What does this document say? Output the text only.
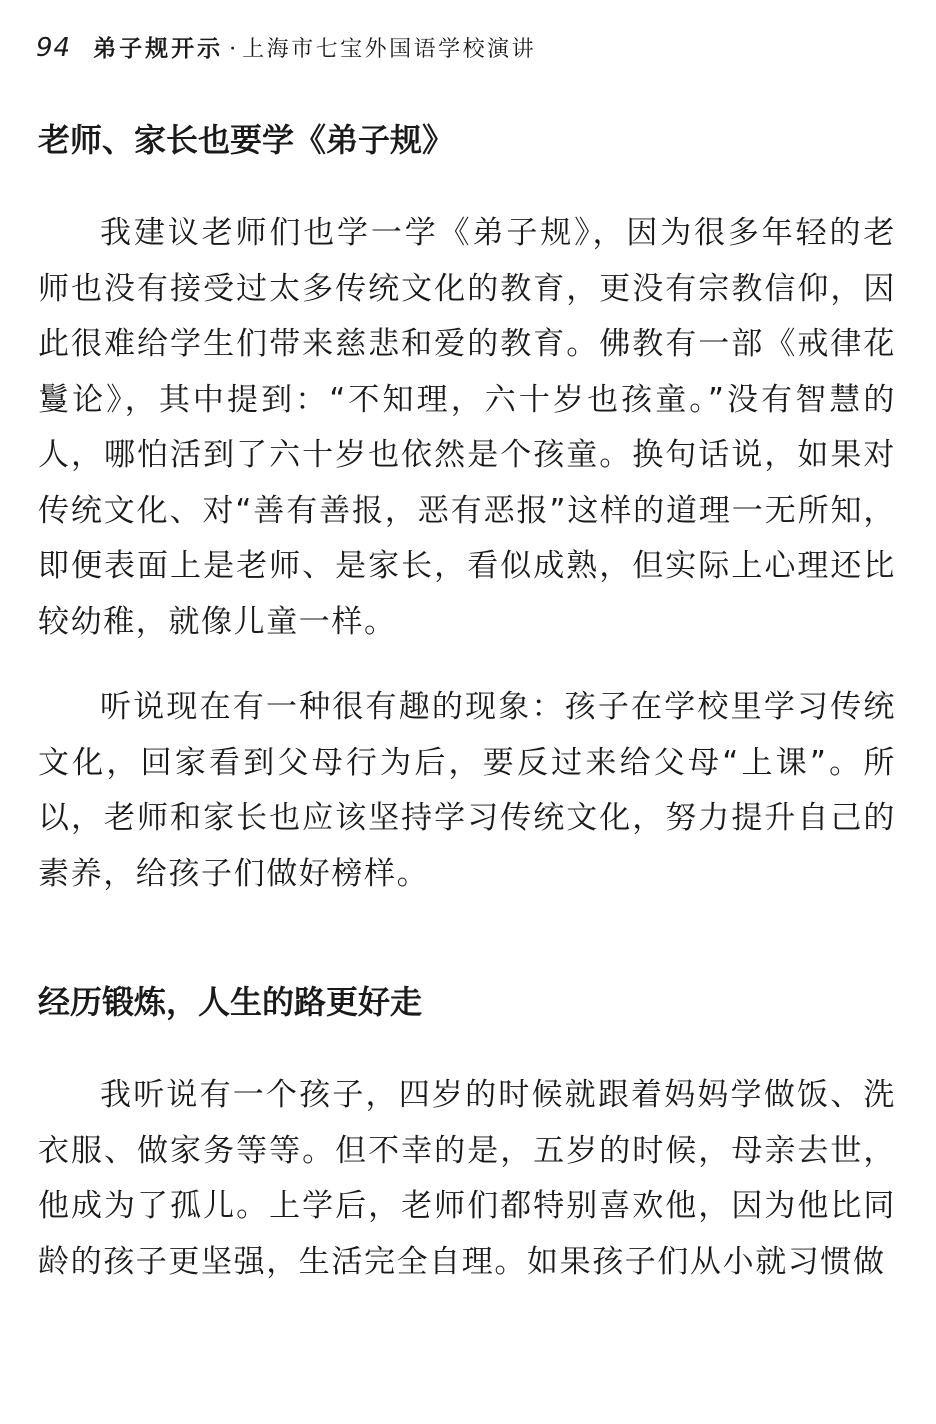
94 弟子规开示 · 上海市七宝外国语学校演讲
老师、家长也要学《弟子规》

我建议老师们也学一学《弟子规》，因为很多年轻的老师也没有接受过太多传统文化的教育，更没有宗教信仰，因此很难给学生们带来慈悲和爱的教育。佛教有一部《戒律花鬘论》，其中提到：“不知理，六十岁也孩童。”没有智慧的人，哪怕活到了六十岁也依然是个孩童。换句话说，如果对传统文化、对“善有善报，恶有恶报”这样的道理一无所知，即便表面上是老师、是家长，看似成熟，但实际上心理还比较幼稚，就像儿童一样。

听说现在有一种很有趣的现象：孩子在学校里学习传统文化，回家看到父母行为后，要反过来给父母“上课”。所以，老师和家长也应该坚持学习传统文化，努力提升自己的素养，给孩子们做好榜样。

经历锻炼，人生的路更好走

我听说有一个孩子，四岁的时候就跟着妈妈学做饭、洗衣服、做家务等等。但不幸的是，五岁的时候，母亲去世，他成为了孤儿。上学后，老师们都特别喜欢他，因为他比同龄的孩子更坚强，生活完全自理。如果孩子们从小就习惯做
